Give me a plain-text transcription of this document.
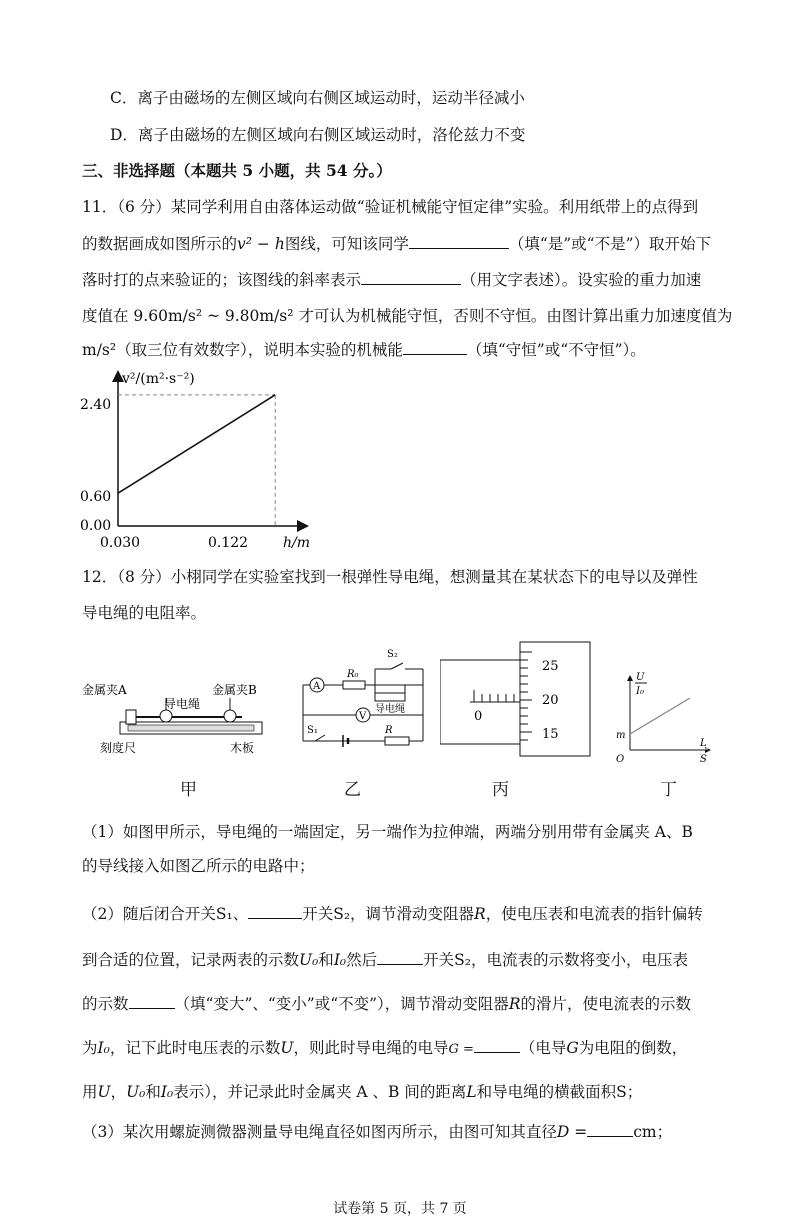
C．离子由磁场的左侧区域向右侧区域运动时，运动半径减小
D．离子由磁场的左侧区域向右侧区域运动时，洛伦兹力不变
三、非选择题（本题共 5 小题，共 54 分。）
11．（6 分）某同学利用自由落体运动做“验证机械能守恒定律”实验。利用纸带上的点得到
的数据画成如图所示的v² − h图线，可知该同学	（填“是”或“不是”）取开始下
落时打的点来验证的；该图线的斜率表示	（用文字表述）。设实验的重力加速
度值在 9.60m/s² ~ 9.80m/s² 才可认为机械能守恒，否则不守恒。由图计算出重力加速度值为
m/s²（取三位有效数字），说明本实验的机械能	（填“守恒”或“不守恒”）。
v²/(m²·s⁻²)
2.40
0.60
0.00
0.030	0.122 h/m
12．（8 分）小栩同学在实验室找到一根弹性导电绳，想测量其在某状态下的电导以及弹性
导电绳的电阻率。
金属夹A
导电绳
金属夹B
刻度尺	木板
甲
A
R₀
导电绳
S₂
V
S₁	R
乙
25
20
15
0
丙
U
I₀
m
O
L
S
丁
（1）如图甲所示，导电绳的一端固定，另一端作为拉伸端，两端分别用带有金属夹 A、B
的导线接入如图乙所示的电路中；
（2）随后闭合开关S₁、	开关S₂，调节滑动变阻器R，使电压表和电流表的指针偏转
到合适的位置，记录两表的示数U₀和I₀然后	开关S₂，电流表的示数将变小，电压表
的示数	（填“变大”、“变小”或“不变”），调节滑动变阻器R的滑片，使电流表的示数
为I₀，记下此时电压表的示数U，则此时导电绳的电导G =	（电导G为电阻的倒数，
用U，U₀和I₀表示），并记录此时金属夹 A 、B 间的距离L和导电绳的横截面积S；
（3）某次用螺旋测微器测量导电绳直径如图丙所示，由图可知其直径D =	cm；
试卷第 5 页，共 7 页
